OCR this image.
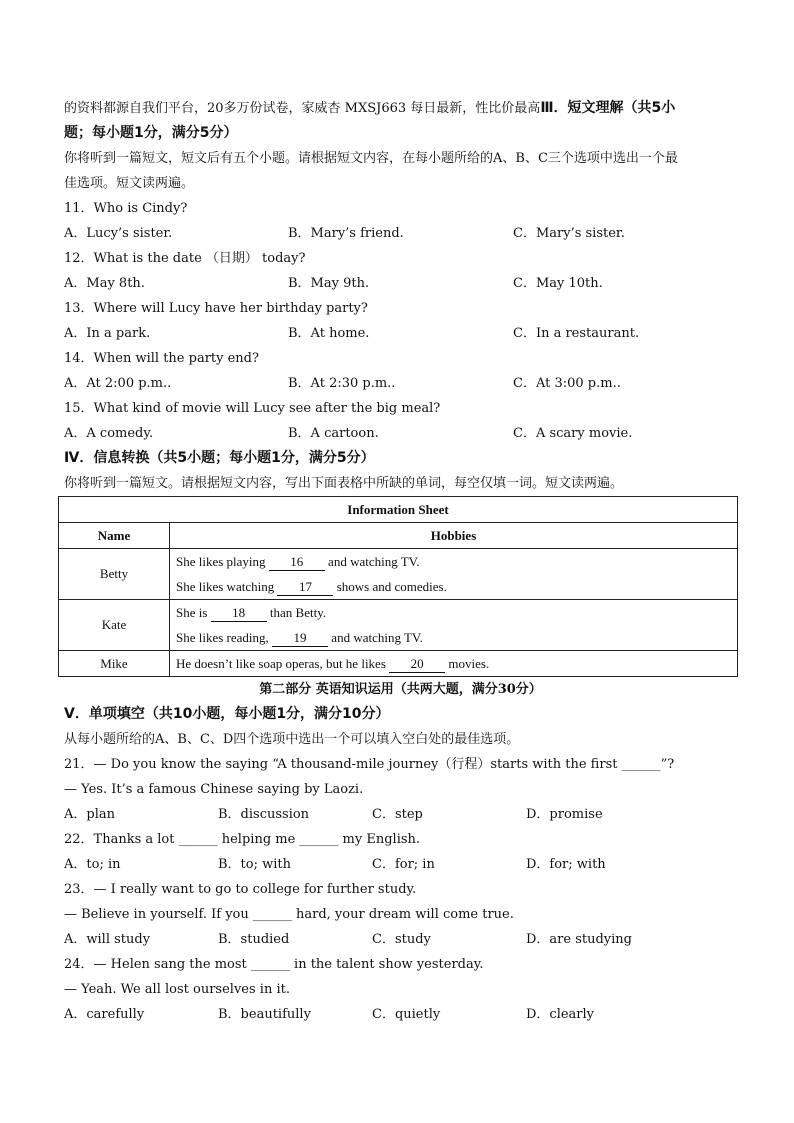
的资料都源自我们平台，20多万份试卷，家威杏 MXSJ663 每日最新，性比价最高Ⅲ．短文理解（共5小
题；每小题1分，满分5分）
你将听到一篇短文，短文后有五个小题。请根据短文内容，在每小题所给的A、B、C三个选项中选出一个最
佳选项。短文读两遍。
11．Who is Cindy?
A．Lucy’s sister.	B．Mary’s friend.	C．Mary’s sister.
12．What is the date （日期） today?
A．May 8th.	B．May 9th.	C．May 10th.
13．Where will Lucy have her birthday party?
A．In a park.	B．At home.	C．In a restaurant.
14．When will the party end?
A．At 2:00 p.m..	B．At 2:30 p.m..	C．At 3:00 p.m..
15．What kind of movie will Lucy see after the big meal?
A．A comedy.	B．A cartoon.	C．A scary movie.
Ⅳ．信息转换（共5小题；每小题1分，满分5分）
你将听到一篇短文。请根据短文内容，写出下面表格中所缺的单词，每空仅填一词。短文读两遍。
Information Sheet	
Name	Hobbies
Betty	She likes playing 16 and watching TV.
She likes watching 17 shows and comedies.

Kate	She is 18 than Betty.
She likes reading, 19 and watching TV.

Mike	He doesn’t like soap operas, but he likes 20 movies.
第二部分 英语知识运用（共两大题，满分30分）
Ⅴ．单项填空（共10小题，每小题1分，满分10分）
从每小题所给的A、B、C、D四个选项中选出一个可以填入空白处的最佳选项。
21．— Do you know the saying “A thousand-mile journey（行程）starts with the first ______”?
— Yes. It’s a famous Chinese saying by Laozi.
A．plan	B．discussion	C．step	D．promise
22．Thanks a lot ______ helping me ______ my English.
A．to; in	B．to; with	C．for; in	D．for; with
23．— I really want to go to college for further study.
— Believe in yourself. If you ______ hard, your dream will come true.
A．will study	B．studied	C．study	D．are studying
24．— Helen sang the most ______ in the talent show yesterday.
— Yeah. We all lost ourselves in it.
A．carefully	B．beautifully	C．quietly	D．clearly
